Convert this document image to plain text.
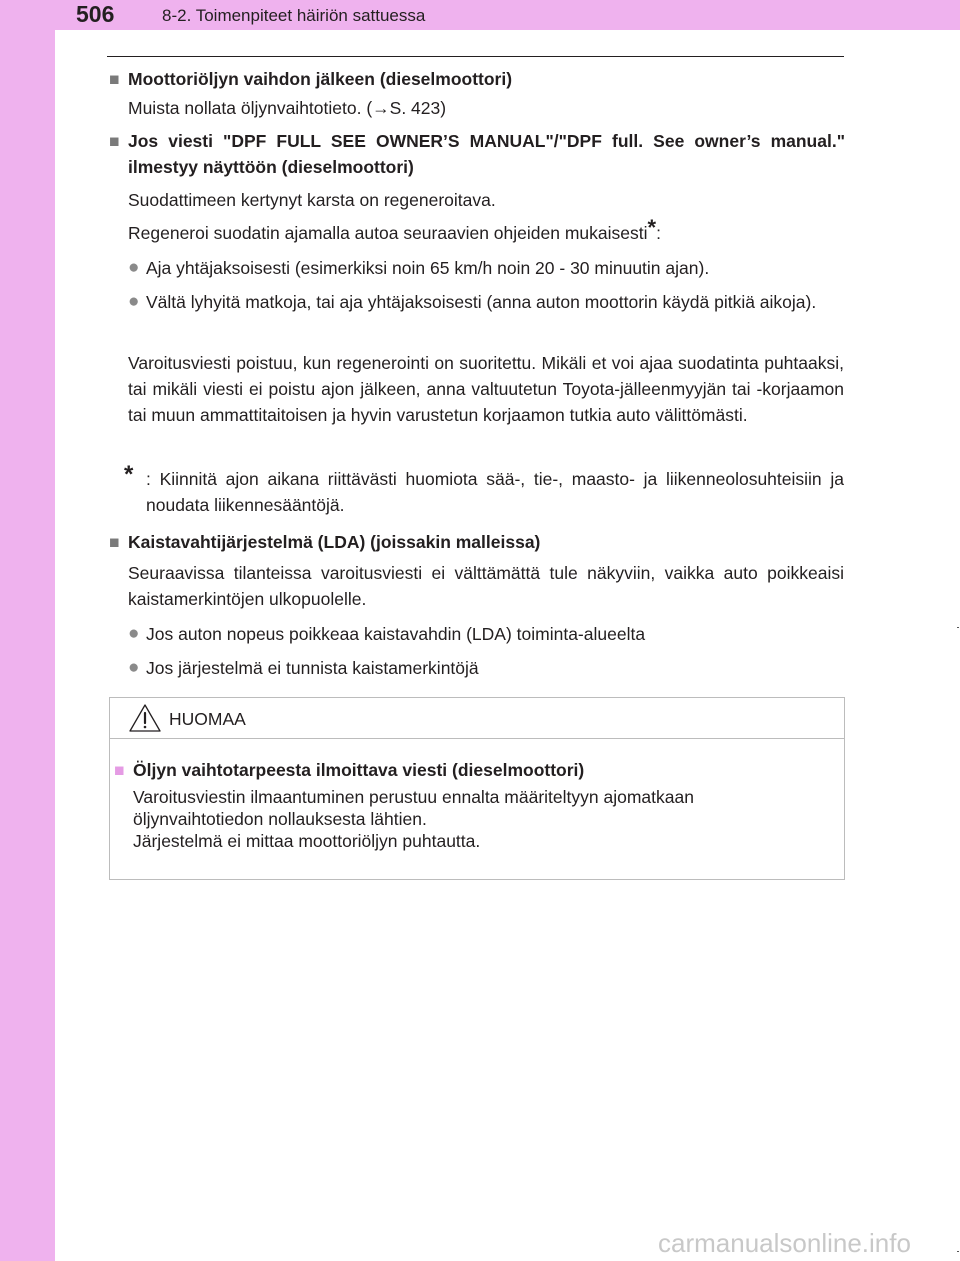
506	8-2. Toimenpiteet häiriön sattuessa
■ Moottoriöljyn vaihdon jälkeen (dieselmoottori)
Muista nollata öljynvaihtotieto. (→S. 423)
■ Jos viesti "DPF FULL SEE OWNER’S MANUAL"/"DPF full. See owner’s manual." ilmestyy näyttöön (dieselmoottori)
Suodattimeen kertynyt karsta on regeneroitava.
Regeneroi suodatin ajamalla autoa seuraavien ohjeiden mukaisesti*:
● Aja yhtäjaksoisesti (esimerkiksi noin 65 km/h noin 20 - 30 minuutin ajan).
● Vältä lyhyitä matkoja, tai aja yhtäjaksoisesti (anna auton moottorin käydä pitkiä aikoja).
Varoitusviesti poistuu, kun regenerointi on suoritettu. Mikäli et voi ajaa suodatinta puhtaaksi, tai mikäli viesti ei poistu ajon jälkeen, anna valtuutetun Toyota-jälleenmyyjän tai -korjaamon tai muun ammattitaitoisen ja hyvin varustetun korjaamon tutkia auto välittömästi.
* : Kiinnitä ajon aikana riittävästi huomiota sää-, tie-, maasto- ja liikenneolosuhteisiin ja noudata liikennesääntöjä.
■ Kaistavahtijärjestelmä (LDA) (joissakin malleissa)
Seuraavissa tilanteissa varoitusviesti ei välttämättä tule näkyviin, vaikka auto poikkeaisi kaistamerkintöjen ulkopuolelle.
● Jos auton nopeus poikkeaa kaistavahdin (LDA) toiminta-alueelta
● Jos järjestelmä ei tunnista kaistamerkintöjä
HUOMAA
■ Öljyn vaihtotarpeesta ilmoittava viesti (dieselmoottori)
Varoitusviestin ilmaantuminen perustuu ennalta määriteltyyn ajomatkaan
öljynvaihtotiedon nollauksesta lähtien.
Järjestelmä ei mittaa moottoriöljyn puhtautta.
carmanualsonline.info
